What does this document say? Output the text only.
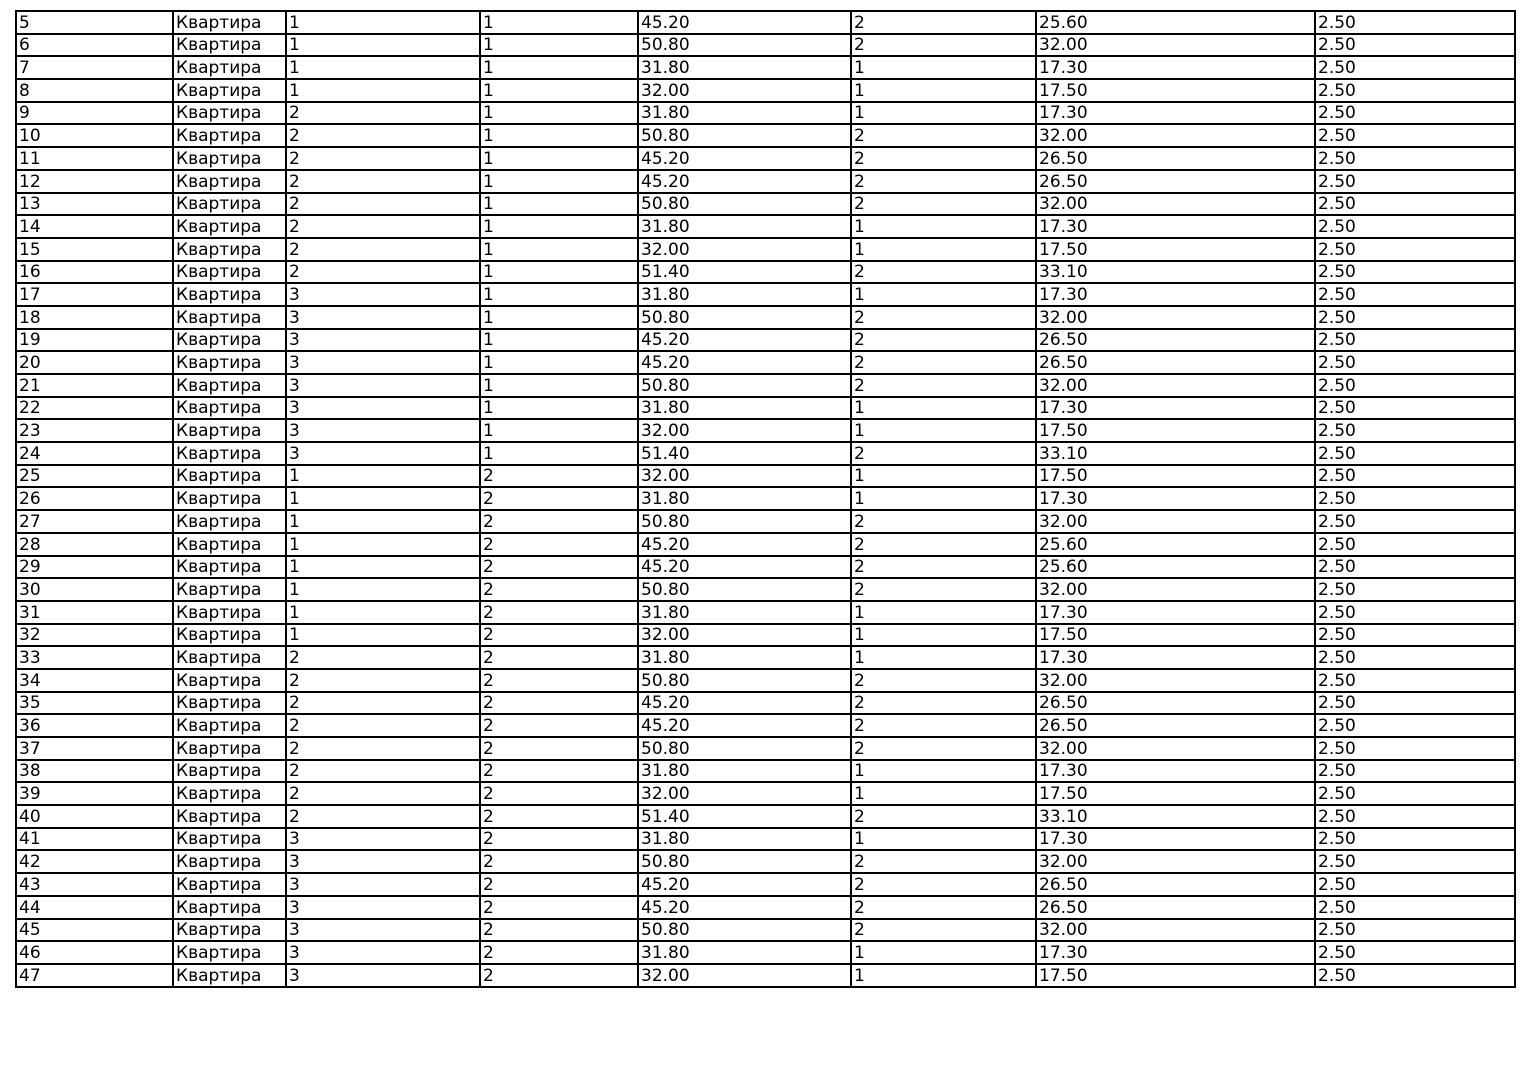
5	Квартира	1	1	45.20	2	25.60	2.50
6	Квартира	1	1	50.80	2	32.00	2.50
7	Квартира	1	1	31.80	1	17.30	2.50
8	Квартира	1	1	32.00	1	17.50	2.50
9	Квартира	2	1	31.80	1	17.30	2.50
10	Квартира	2	1	50.80	2	32.00	2.50
11	Квартира	2	1	45.20	2	26.50	2.50
12	Квартира	2	1	45.20	2	26.50	2.50
13	Квартира	2	1	50.80	2	32.00	2.50
14	Квартира	2	1	31.80	1	17.30	2.50
15	Квартира	2	1	32.00	1	17.50	2.50
16	Квартира	2	1	51.40	2	33.10	2.50
17	Квартира	3	1	31.80	1	17.30	2.50
18	Квартира	3	1	50.80	2	32.00	2.50
19	Квартира	3	1	45.20	2	26.50	2.50
20	Квартира	3	1	45.20	2	26.50	2.50
21	Квартира	3	1	50.80	2	32.00	2.50
22	Квартира	3	1	31.80	1	17.30	2.50
23	Квартира	3	1	32.00	1	17.50	2.50
24	Квартира	3	1	51.40	2	33.10	2.50
25	Квартира	1	2	32.00	1	17.50	2.50
26	Квартира	1	2	31.80	1	17.30	2.50
27	Квартира	1	2	50.80	2	32.00	2.50
28	Квартира	1	2	45.20	2	25.60	2.50
29	Квартира	1	2	45.20	2	25.60	2.50
30	Квартира	1	2	50.80	2	32.00	2.50
31	Квартира	1	2	31.80	1	17.30	2.50
32	Квартира	1	2	32.00	1	17.50	2.50
33	Квартира	2	2	31.80	1	17.30	2.50
34	Квартира	2	2	50.80	2	32.00	2.50
35	Квартира	2	2	45.20	2	26.50	2.50
36	Квартира	2	2	45.20	2	26.50	2.50
37	Квартира	2	2	50.80	2	32.00	2.50
38	Квартира	2	2	31.80	1	17.30	2.50
39	Квартира	2	2	32.00	1	17.50	2.50
40	Квартира	2	2	51.40	2	33.10	2.50
41	Квартира	3	2	31.80	1	17.30	2.50
42	Квартира	3	2	50.80	2	32.00	2.50
43	Квартира	3	2	45.20	2	26.50	2.50
44	Квартира	3	2	45.20	2	26.50	2.50
45	Квартира	3	2	50.80	2	32.00	2.50
46	Квартира	3	2	31.80	1	17.30	2.50
47	Квартира	3	2	32.00	1	17.50	2.50
